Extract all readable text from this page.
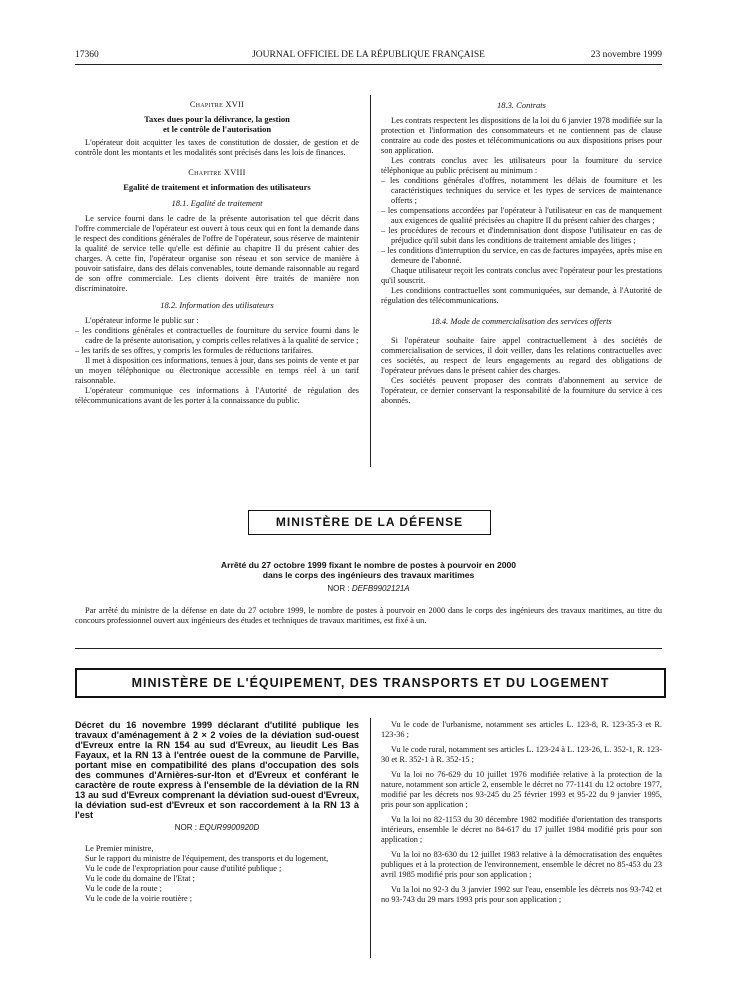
17360	JOURNAL OFFICIEL DE LA RÉPUBLIQUE FRANÇAISE	23 novembre 1999
Chapitre XVII
Taxes dues pour la délivrance, la gestion
et le contrôle de l'autorisation

L'opérateur doit acquitter les taxes de constitution de dossier, de gestion et de contrôle dont les montants et les modalités sont précisés dans les lois de finances.

Chapitre XVIII
Egalité de traitement et information des utilisateurs
18.1. Egalité de traitement

Le service fourni dans le cadre de la présente autorisation tel que décrit dans l'offre commerciale de l'opérateur est ouvert à tous ceux qui en font la demande dans le respect des conditions générales de l'offre de l'opérateur, sous réserve de maintenir la qualité de service telle qu'elle est définie au chapitre II du présent cahier des charges. A cette fin, l'opérateur organise son réseau et son service de manière à pouvoir satisfaire, dans des délais convenables, toute demande raisonnable au regard de son offre commerciale. Les clients doivent être traités de manière non discriminatoire.

18.2. Information des utilisateurs

L'opérateur informe le public sur :

– les conditions générales et contractuelles de fourniture du service fourni dans le cadre de la présente autorisation, y compris celles relatives à la qualité de service ;
– les tarifs de ses offres, y compris les formules de réductions tarifaires.

Il met à disposition ces informations, tenues à jour, dans ses points de vente et par un moyen téléphonique ou électronique accessible en temps réel à un tarif raisonnable.

L'opérateur communique ces informations à l'Autorité de régulation des télécommunications avant de les porter à la connaissance du public.

18.3. Contrats

Les contrats respectent les dispositions de la loi du 6 janvier 1978 modifiée sur la protection et l'information des consommateurs et ne contiennent pas de clause contraire au code des postes et télécommunications ou aux dispositions prises pour son application.

Les contrats conclus avec les utilisateurs pour la fourniture du service téléphonique au public précisent au minimum :

– les conditions générales d'offres, notamment les délais de fourniture et les caractéristiques techniques du service et les types de services de maintenance offerts ;
– les compensations accordées par l'opérateur à l'utilisateur en cas de manquement aux exigences de qualité précisées au chapitre II du présent cahier des charges ;
– les procédures de recours et d'indemnisation dont dispose l'utilisateur en cas de préjudice qu'il subit dans les conditions de traitement amiable des litiges ;
– les conditions d'interruption du service, en cas de factures impayées, après mise en demeure de l'abonné.

Chaque utilisateur reçoit les contrats conclus avec l'opérateur pour les prestations qu'il souscrit.

Les conditions contractuelles sont communiquées, sur demande, à l'Autorité de régulation des télécommunications.

18.4. Mode de commercialisation des services offerts

Si l'opérateur souhaite faire appel contractuellement à des sociétés de commercialisation de services, il doit veiller, dans les relations contractuelles avec ces sociétés, au respect de leurs engagements au regard des obligations de l'opérateur prévues dans le présent cahier des charges.

Ces sociétés peuvent proposer des contrats d'abonnement au service de l'opérateur, ce dernier conservant la responsabilité de la fourniture du service à ces abonnés.

MINISTÈRE DE LA DÉFENSE
Arrêté du 27 octobre 1999 fixant le nombre de postes à pourvoir en 2000
dans le corps des ingénieurs des travaux maritimes
NOR : DEFB9902121A
Par arrêté du ministre de la défense en date du 27 octobre 1999, le nombre de postes à pourvoir en 2000 dans le corps des ingénieurs des travaux maritimes, au titre du concours professionnel ouvert aux ingénieurs des études et techniques de travaux maritimes, est fixé à un.
MINISTÈRE DE L'ÉQUIPEMENT, DES TRANSPORTS ET DU LOGEMENT
Décret du 16 novembre 1999 déclarant d'utilité publique les travaux d'aménagement à 2 × 2 voies de la déviation sud-ouest d'Evreux entre la RN 154 au sud d'Evreux, au lieudit Les Bas Fayaux, et la RN 13 à l'entrée ouest de la commune de Parville, portant mise en compatibilité des plans d'occupation des sols des communes d'Arnières-sur-Iton et d'Evreux et conférant le caractère de route express à l'ensemble de la déviation de la RN 13 au sud d'Evreux comprenant la déviation sud-ouest d'Evreux, la déviation sud-est d'Evreux et son raccordement à la RN 13 à l'est
NOR : EQUR9900920D

Le Premier ministre,

Sur le rapport du ministre de l'équipement, des transports et du logement,

Vu le code de l'expropriation pour cause d'utilité publique ;

Vu le code du domaine de l'Etat ;

Vu le code de la route ;

Vu le code de la voirie routière ;

Vu le code de l'urbanisme, notamment ses articles L. 123-8, R. 123-35-3 et R. 123-36 ;

Vu le code rural, notamment ses articles L. 123-24 à L. 123-26, L. 352-1, R. 123-30 et R. 352-1 à R. 352-15 ;

Vu la loi no 76-629 du 10 juillet 1976 modifiée relative à la protection de la nature, notamment son article 2, ensemble le décret no 77-1141 du 12 octobre 1977, modifié par les décrets nos 93-245 du 25 février 1993 et 95-22 du 9 janvier 1995, pris pour son application ;

Vu la loi no 82-1153 du 30 décembre 1982 modifiée d'orientation des transports intérieurs, ensemble le décret no 84-617 du 17 juillet 1984 modifié pris pour son application ;

Vu la loi no 83-630 du 12 juillet 1983 relative à la démocratisation des enquêtes publiques et à la protection de l'environnement, ensemble le décret no 85-453 du 23 avril 1985 modifié pris pour son application ;

Vu la loi no 92-3 du 3 janvier 1992 sur l'eau, ensemble les décrets nos 93-742 et no 93-743 du 29 mars 1993 pris pour son application ;
